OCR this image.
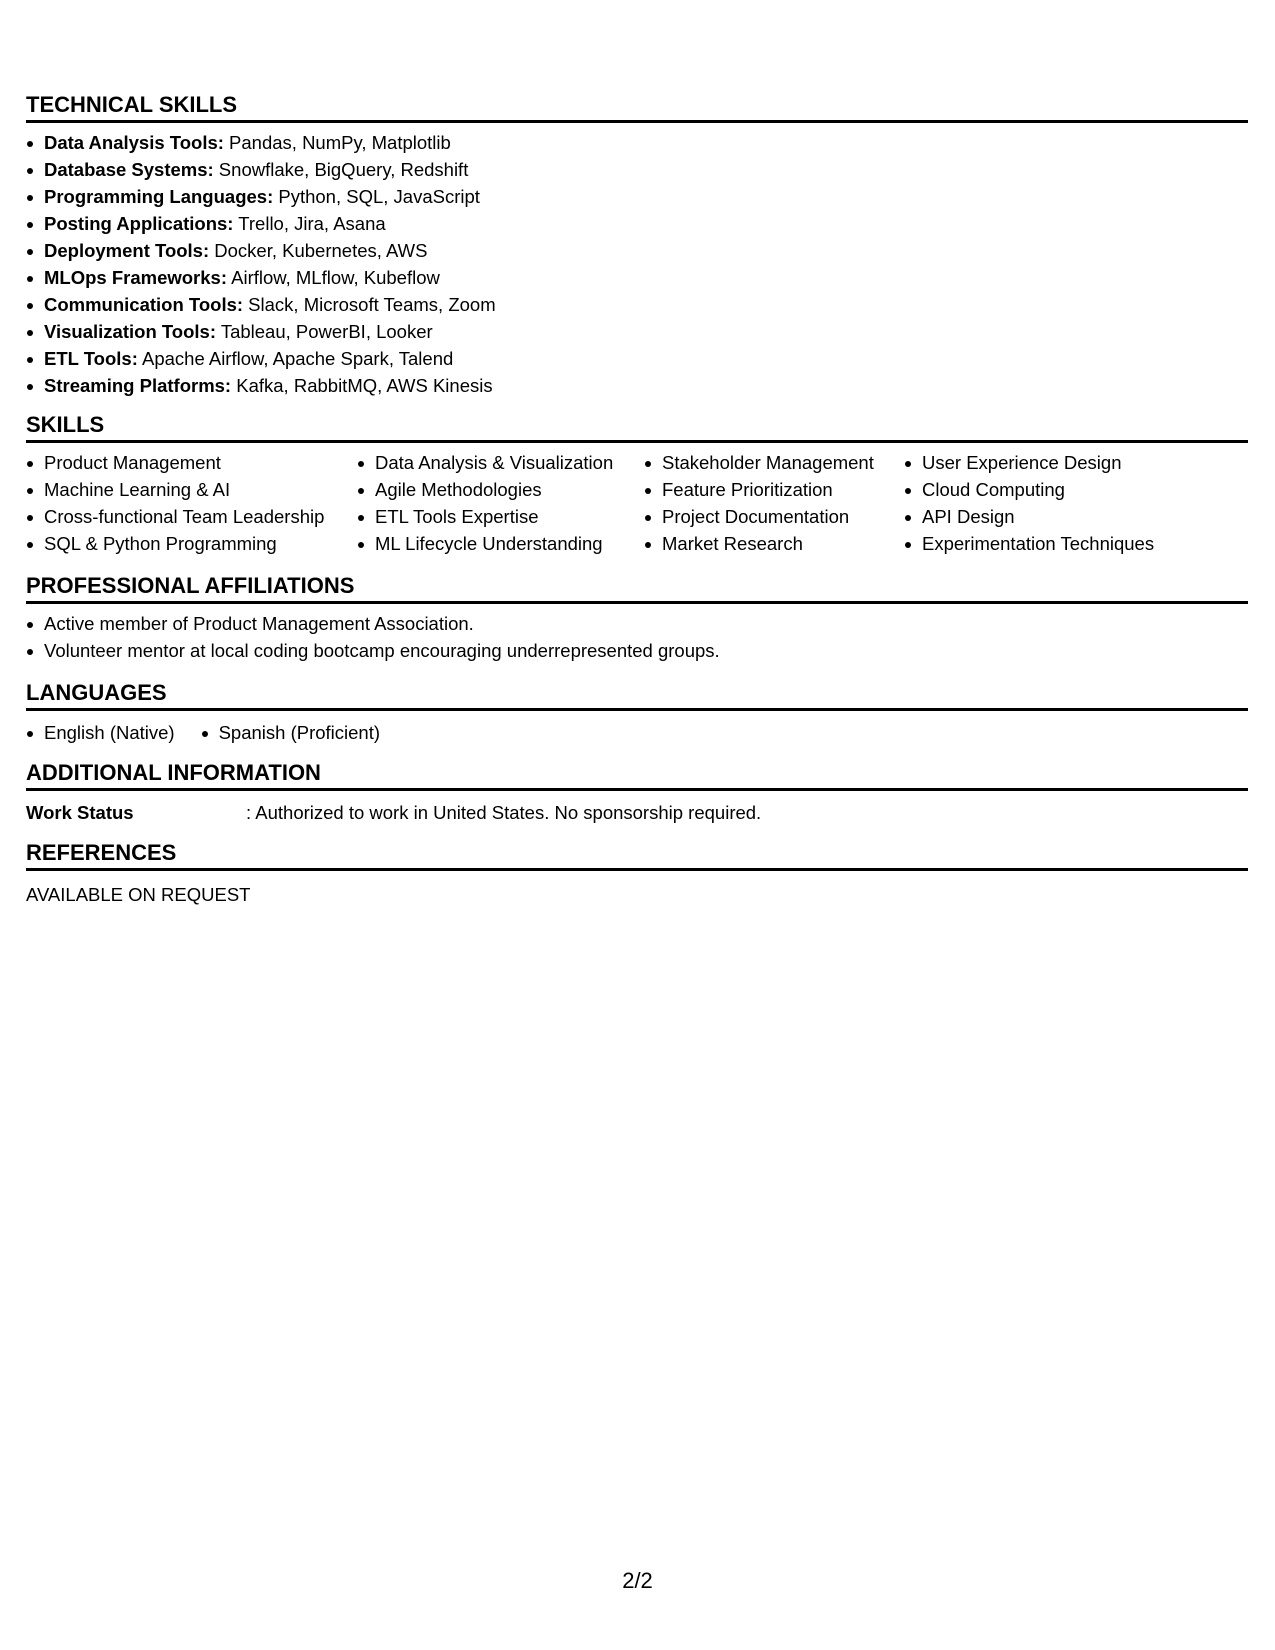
TECHNICAL SKILLS
Data Analysis Tools: Pandas, NumPy, Matplotlib
Database Systems: Snowflake, BigQuery, Redshift
Programming Languages: Python, SQL, JavaScript
Posting Applications: Trello, Jira, Asana
Deployment Tools: Docker, Kubernetes, AWS
MLOps Frameworks: Airflow, MLflow, Kubeflow
Communication Tools: Slack, Microsoft Teams, Zoom
Visualization Tools: Tableau, PowerBI, Looker
ETL Tools: Apache Airflow, Apache Spark, Talend
Streaming Platforms: Kafka, RabbitMQ, AWS Kinesis
SKILLS
Product Management
Machine Learning & AI
Cross-functional Team Leadership
SQL & Python Programming
Data Analysis & Visualization
Agile Methodologies
ETL Tools Expertise
ML Lifecycle Understanding
Stakeholder Management
Feature Prioritization
Project Documentation
Market Research
User Experience Design
Cloud Computing
API Design
Experimentation Techniques
PROFESSIONAL AFFILIATIONS
Active member of Product Management Association.
Volunteer mentor at local coding bootcamp encouraging underrepresented groups.
LANGUAGES
English (Native)	Spanish (Proficient)
ADDITIONAL INFORMATION
Work Status	: Authorized to work in United States. No sponsorship required.
REFERENCES
AVAILABLE ON REQUEST
2/2
